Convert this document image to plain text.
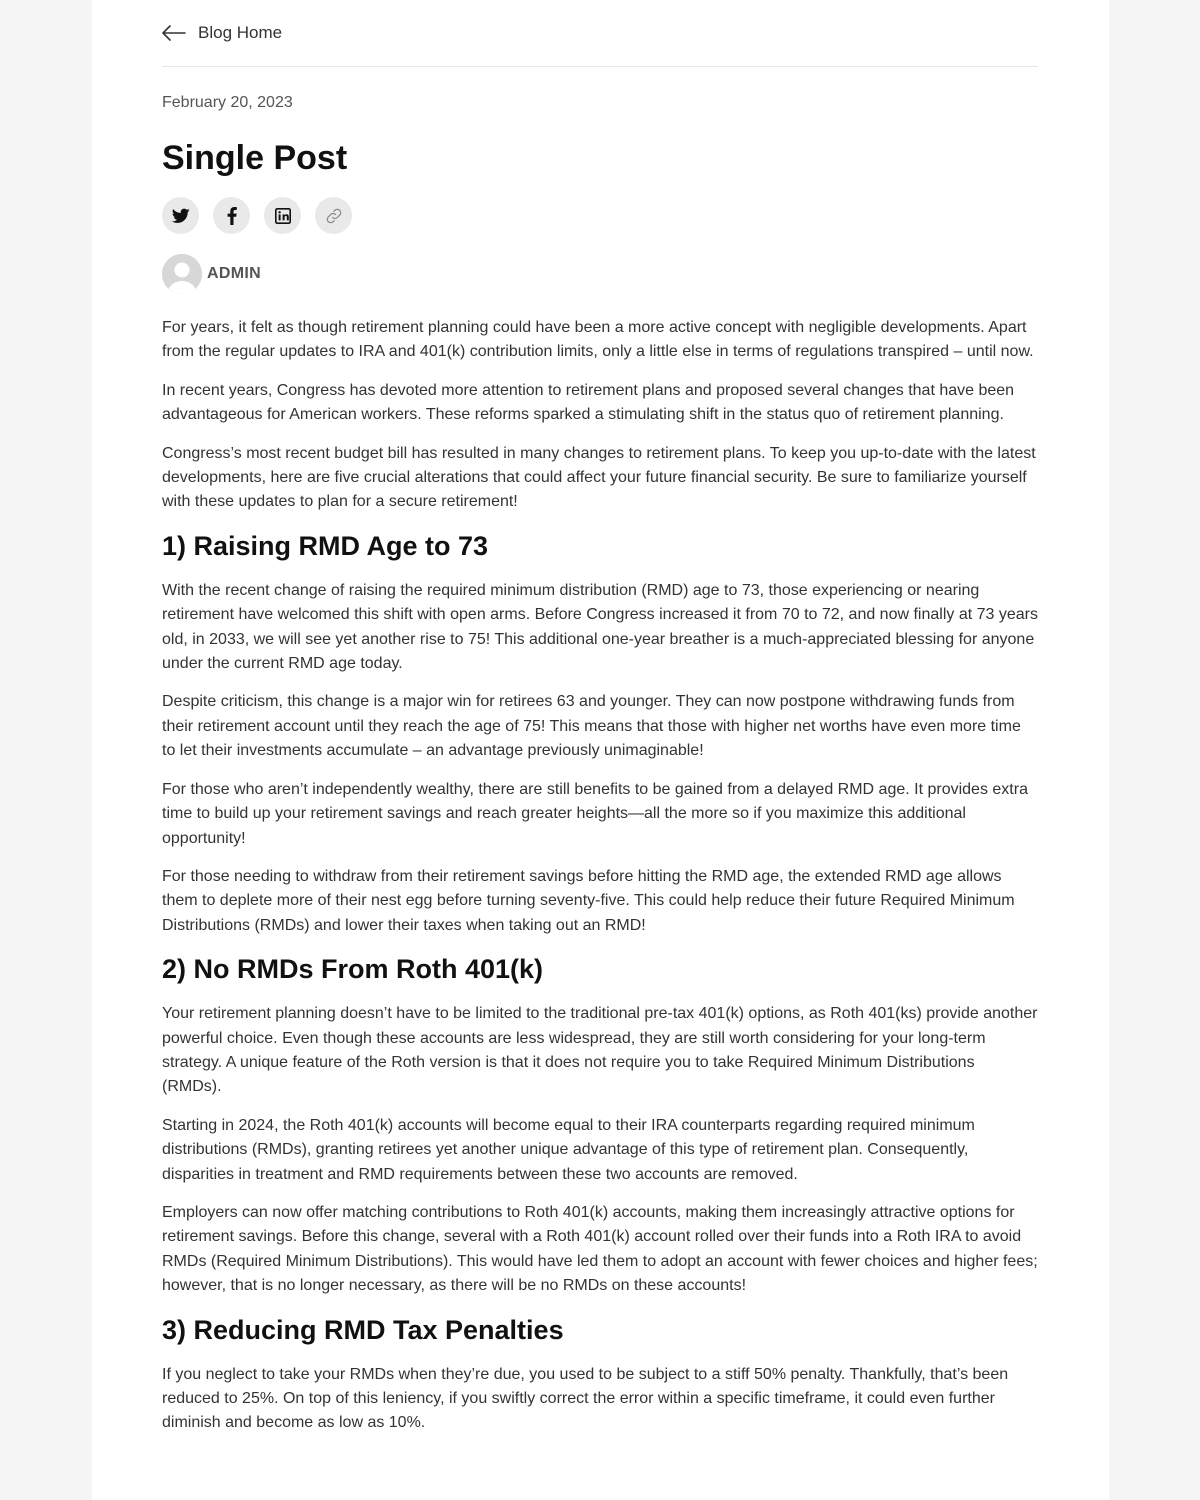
Blog Home
February 20, 2023
Single Post
ADMIN

For years, it felt as though retirement planning could have been a more active concept with negligible developments. Apart from the regular updates to IRA and 401(k) contribution limits, only a little else in terms of regulations transpired – until now.

In recent years, Congress has devoted more attention to retirement plans and proposed several changes that have been advantageous for American workers. These reforms sparked a stimulating shift in the status quo of retirement planning.

Congress’s most recent budget bill has resulted in many changes to retirement plans. To keep you up-to-date with the latest developments, here are five crucial alterations that could affect your future financial security. Be sure to familiarize yourself with these updates to plan for a secure retirement!

1) Raising RMD Age to 73

With the recent change of raising the required minimum distribution (RMD) age to 73, those experiencing or nearing retirement have welcomed this shift with open arms. Before Congress increased it from 70 to 72, and now finally at 73 years old, in 2033, we will see yet another rise to 75! This additional one-year breather is a much-appreciated blessing for anyone under the current RMD age today.

Despite criticism, this change is a major win for retirees 63 and younger. They can now postpone withdrawing funds from their retirement account until they reach the age of 75! This means that those with higher net worths have even more time to let their investments accumulate – an advantage previously unimaginable!

For those who aren’t independently wealthy, there are still benefits to be gained from a delayed RMD age. It provides extra time to build up your retirement savings and reach greater heights—all the more so if you maximize this additional opportunity!

For those needing to withdraw from their retirement savings before hitting the RMD age, the extended RMD age allows them to deplete more of their nest egg before turning seventy-five. This could help reduce their future Required Minimum Distributions (RMDs) and lower their taxes when taking out an RMD!

2) No RMDs From Roth 401(k)

Your retirement planning doesn’t have to be limited to the traditional pre-tax 401(k) options, as Roth 401(ks) provide another powerful choice. Even though these accounts are less widespread, they are still worth considering for your long-term strategy. A unique feature of the Roth version is that it does not require you to take Required Minimum Distributions (RMDs).

Starting in 2024, the Roth 401(k) accounts will become equal to their IRA counterparts regarding required minimum distributions (RMDs), granting retirees yet another unique advantage of this type of retirement plan. Consequently, disparities in treatment and RMD requirements between these two accounts are removed.

Employers can now offer matching contributions to Roth 401(k) accounts, making them increasingly attractive options for retirement savings. Before this change, several with a Roth 401(k) account rolled over their funds into a Roth IRA to avoid RMDs (Required Minimum Distributions). This would have led them to adopt an account with fewer choices and higher fees; however, that is no longer necessary, as there will be no RMDs on these accounts!

3) Reducing RMD Tax Penalties

If you neglect to take your RMDs when they’re due, you used to be subject to a stiff 50% penalty. Thankfully, that’s been reduced to 25%. On top of this leniency, if you swiftly correct the error within a specific timeframe, it could even further diminish and become as low as 10%.
